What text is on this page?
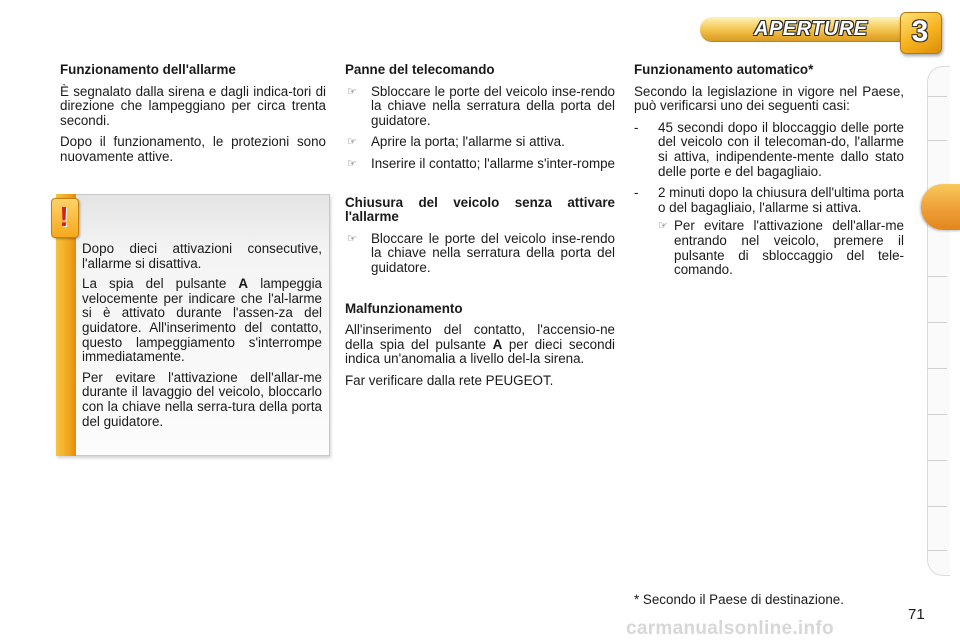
APERTURE	3

Funzionamento dell'allarme

È segnalato dalla sirena e dagli indica-tori di direzione che lampeggiano per circa trenta secondi.

Dopo il funzionamento, le protezioni sono nuovamente attive.

!

Dopo dieci attivazioni consecutive, l'allarme si disattiva.

La spia del pulsante A lampeggia velocemente per indicare che l'al-larme si è attivato durante l'assen-za del guidatore. All'inserimento del contatto, questo lampeggiamento s'interrompe immediatamente.

Per evitare l'attivazione dell'allar-me durante il lavaggio del veicolo, bloccarlo con la chiave nella serra-tura della porta del guidatore.

Panne del telecomando

☞ Sbloccare le porte del veicolo inse-rendo la chiave nella serratura della porta del guidatore.
☞ Aprire la porta; l'allarme si attiva.
☞ Inserire il contatto; l'allarme s'inter-rompe

Chiusura del veicolo senza attivare l'allarme

☞ Bloccare le porte del veicolo inse-rendo la chiave nella serratura della porta del guidatore.

Malfunzionamento

All'inserimento del contatto, l'accensio-ne della spia del pulsante A per dieci secondi indica un'anomalia a livello del-la sirena.

Far verificare dalla rete PEUGEOT.

Funzionamento automatico*

Secondo la legislazione in vigore nel Paese, può verificarsi uno dei seguenti casi:

- 45 secondi dopo il bloccaggio delle porte del veicolo con il telecoman-do, l'allarme si attiva, indipendente-mente dallo stato delle porte e del bagagliaio.
- 2 minuti dopo la chiusura dell'ultima porta o del bagagliaio, l'allarme si attiva.
☞ Per evitare l'attivazione dell'allar-me entrando nel veicolo, premere il pulsante di sbloccaggio del tele-comando.

* Secondo il Paese di destinazione.

71
carmanualsonline.info
